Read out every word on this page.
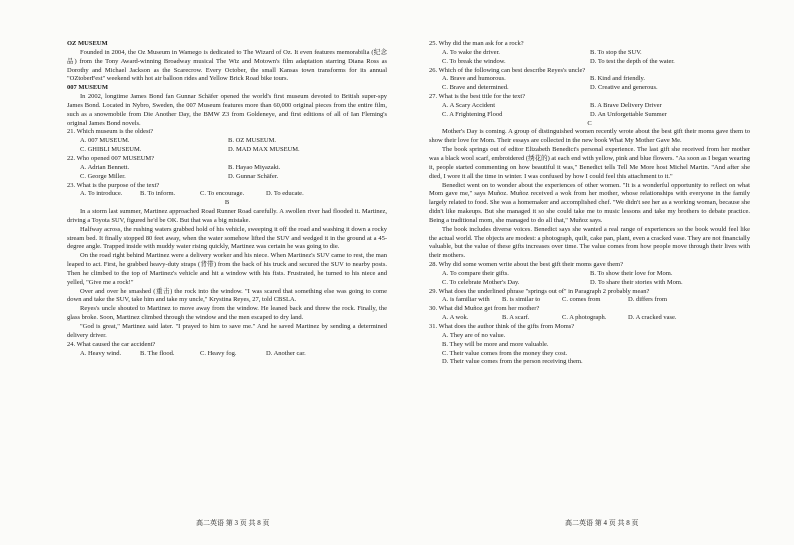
OZ MUSEUM

Founded in 2004, the Oz Museum in Wamego is dedicated to The Wizard of Oz. It even features memorabilia (纪念品) from the Tony Award-winning Broadway musical The Wiz and Motown's film adaptation starring Diana Ross as Dorothy and Michael Jackson as the Scarecrow. Every October, the small Kansas town transforms for its annual "OZtoberFest" weekend with hot air balloon rides and Yellow Brick Road bike tours.

007 MUSEUM

In 2002, longtime James Bond fan Gunnar Schäfer opened the world's first museum devoted to British super-spy James Bond. Located in Nybro, Sweden, the 007 Museum features more than 60,000 original pieces from the entire film, such as a snowmobile from Die Another Day, the BMW Z3 from Goldeneye, and first editions of all of Ian Fleming's original James Bond novels.

21. Which museum is the oldest?

A. 007 MUSEUM.	B. OZ MUSEUM.
C. GHIBLI MUSEUM.	D. MAD MAX MUSEUM.

22. Who opened 007 MUSEUM?

A. Adrian Bennett.	B. Hayao Miyazaki.
C. George Miller.	D. Gunnar Schäfer.

23. What is the purpose of the text?

A. To introduce.	B. To inform.	C. To encourage.	D. To educate.

B

In a storm last summer, Martinez approached Road Runner Road carefully. A swollen river had flooded it. Martinez, driving a Toyota SUV, figured he'd be OK. But that was a big mistake.

Halfway across, the rushing waters grabbed hold of his vehicle, sweeping it off the road and washing it down a rocky stream bed. It finally stopped 80 feet away, when the water somehow lifted the SUV and wedged it in the ground at a 45-degree angle. Trapped inside with muddy water rising quickly, Martinez was certain he was going to die.

On the road right behind Martinez were a delivery worker and his niece. When Martinez's SUV came to rest, the man leaped to act. First, he grabbed heavy-duty straps (背带) from the back of his truck and secured the SUV to nearby posts. Then he climbed to the top of Martinez's vehicle and hit a window with his fists. Frustrated, he turned to his niece and yelled, "Give me a rock!"

Over and over he smashed (重击) the rock into the window. "I was scared that something else was going to come down and take the SUV, take him and take my uncle," Krystina Reyes, 27, told CBSLA.

Reyes's uncle shouted to Martinez to move away from the window. He leaned back and threw the rock. Finally, the glass broke. Soon, Martinez climbed through the window and the men escaped to dry land.

"God is great," Martinez said later. "I prayed to him to save me." And he saved Martinez by sending a determined delivery driver.

24. What caused the car accident?

A. Heavy wind.	B. The flood.	C. Heavy fog.	D. Another car.

25. Why did the man ask for a rock?

A. To wake the driver.	B. To stop the SUV.
C. To break the window.	D. To test the depth of the water.

26. Which of the following can best describe Reyes's uncle?

A. Brave and humorous.	B. Kind and friendly.
C. Brave and determined.	D. Creative and generous.

27. What is the best title for the text?

A. A Scary Accident	B. A Brave Delivery Driver
C. A Frightening Flood	D. An Unforgettable Summer

C

Mother's Day is coming. A group of distinguished women recently wrote about the best gift their moms gave them to show their love for Mom. Their essays are collected in the new book What My Mother Gave Me.

The book springs out of editor Elizabeth Benedict's personal experience. The last gift she received from her mother was a black wool scarf, embroidered (绣花的) at each end with yellow, pink and blue flowers. "As soon as I began wearing it, people started commenting on how beautiful it was," Benedict tells Tell Me More host Michel Martin. "And after she died, I wore it all the time in winter. I was confused by how I could feel this attachment to it."

Benedict went on to wonder about the experiences of other women. "It is a wonderful opportunity to reflect on what Mom gave me," says Muñoz. Muñoz received a wok from her mother, whose relationships with everyone in the family largely related to food. She was a homemaker and accomplished chef. "We didn't see her as a working woman, because she didn't like makeups. But she managed it so she could take me to music lessons and take my brothers to debate practice. Being a traditional mom, she managed to do all that," Muñoz says.

The book includes diverse voices. Benedict says she wanted a real range of experiences so the book would feel like the actual world. The objects are modest: a photograph, quilt, cake pan, plant, even a cracked vase. They are not financially valuable, but the value of these gifts increases over time. The value comes from how people move through their lives with their mothers.

28. Why did some women write about the best gift their moms gave them?

A. To compare their gifts.	B. To show their love for Mom.
C. To celebrate Mother's Day.	D. To share their stories with Mom.

29. What does the underlined phrase "springs out of" in Paragraph 2 probably mean?

A. is familiar with	B. is similar to	C. comes from	D. differs from

30. What did Muñoz get from her mother?

A. A wok.	B. A scarf.	C. A photograph.	D. A cracked vase.

31. What does the author think of the gifts from Moms?

A. They are of no value.
B. They will be more and more valuable.
C. Their value comes from the money they cost.
D. Their value comes from the person receiving them.
高二英语 第 3 页 共 8 页	高二英语 第 4 页 共 8 页
